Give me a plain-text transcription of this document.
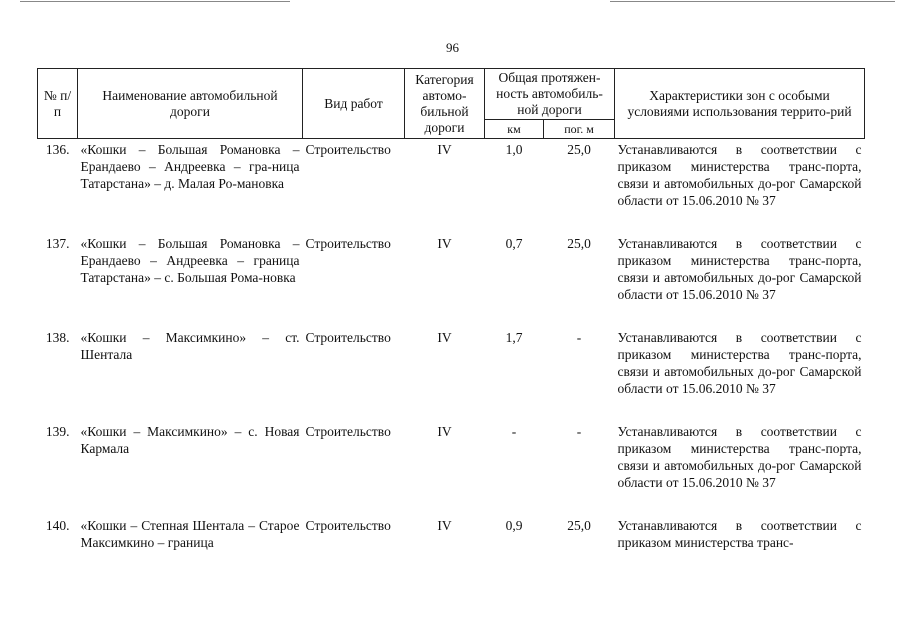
96
№ п/п	Наименование автомобильной дороги	Вид работ	Категория автомо-бильной дороги	Общая протяжен-ность автомобиль-ной дороги		Характеристики зон с особыми условиями использования террито-рий
				км	пог. м	
136.	«Кошки – Большая Романовка – Ерандаево – Андреевка – гра-ница Татарстана» – д. Малая Ро-мановка	Строительство	IV	1,0	25,0	Устанавливаются в соответствии с приказом министерства транс-порта, связи и автомобильных до-рог Самарской области от 15.06.2010 № 37
137.	«Кошки – Большая Романовка – Ерандаево – Андреевка – граница Татарстана» – с. Большая Рома-новка	Строительство	IV	0,7	25,0	Устанавливаются в соответствии с приказом министерства транс-порта, связи и автомобильных до-рог Самарской области от 15.06.2010 № 37
138.	«Кошки – Максимкино» – ст. Шентала	Строительство	IV	1,7	-	Устанавливаются в соответствии с приказом министерства транс-порта, связи и автомобильных до-рог Самарской области от 15.06.2010 № 37
139.	«Кошки – Максимкино» – с. Новая Кармала	Строительство	IV	-	-	Устанавливаются в соответствии с приказом министерства транс-порта, связи и автомобильных до-рог Самарской области от 15.06.2010 № 37
140.	«Кошки – Степная Шентала – Старое Максимкино – граница	Строительство	IV	0,9	25,0	Устанавливаются в соответствии с приказом министерства транс-
